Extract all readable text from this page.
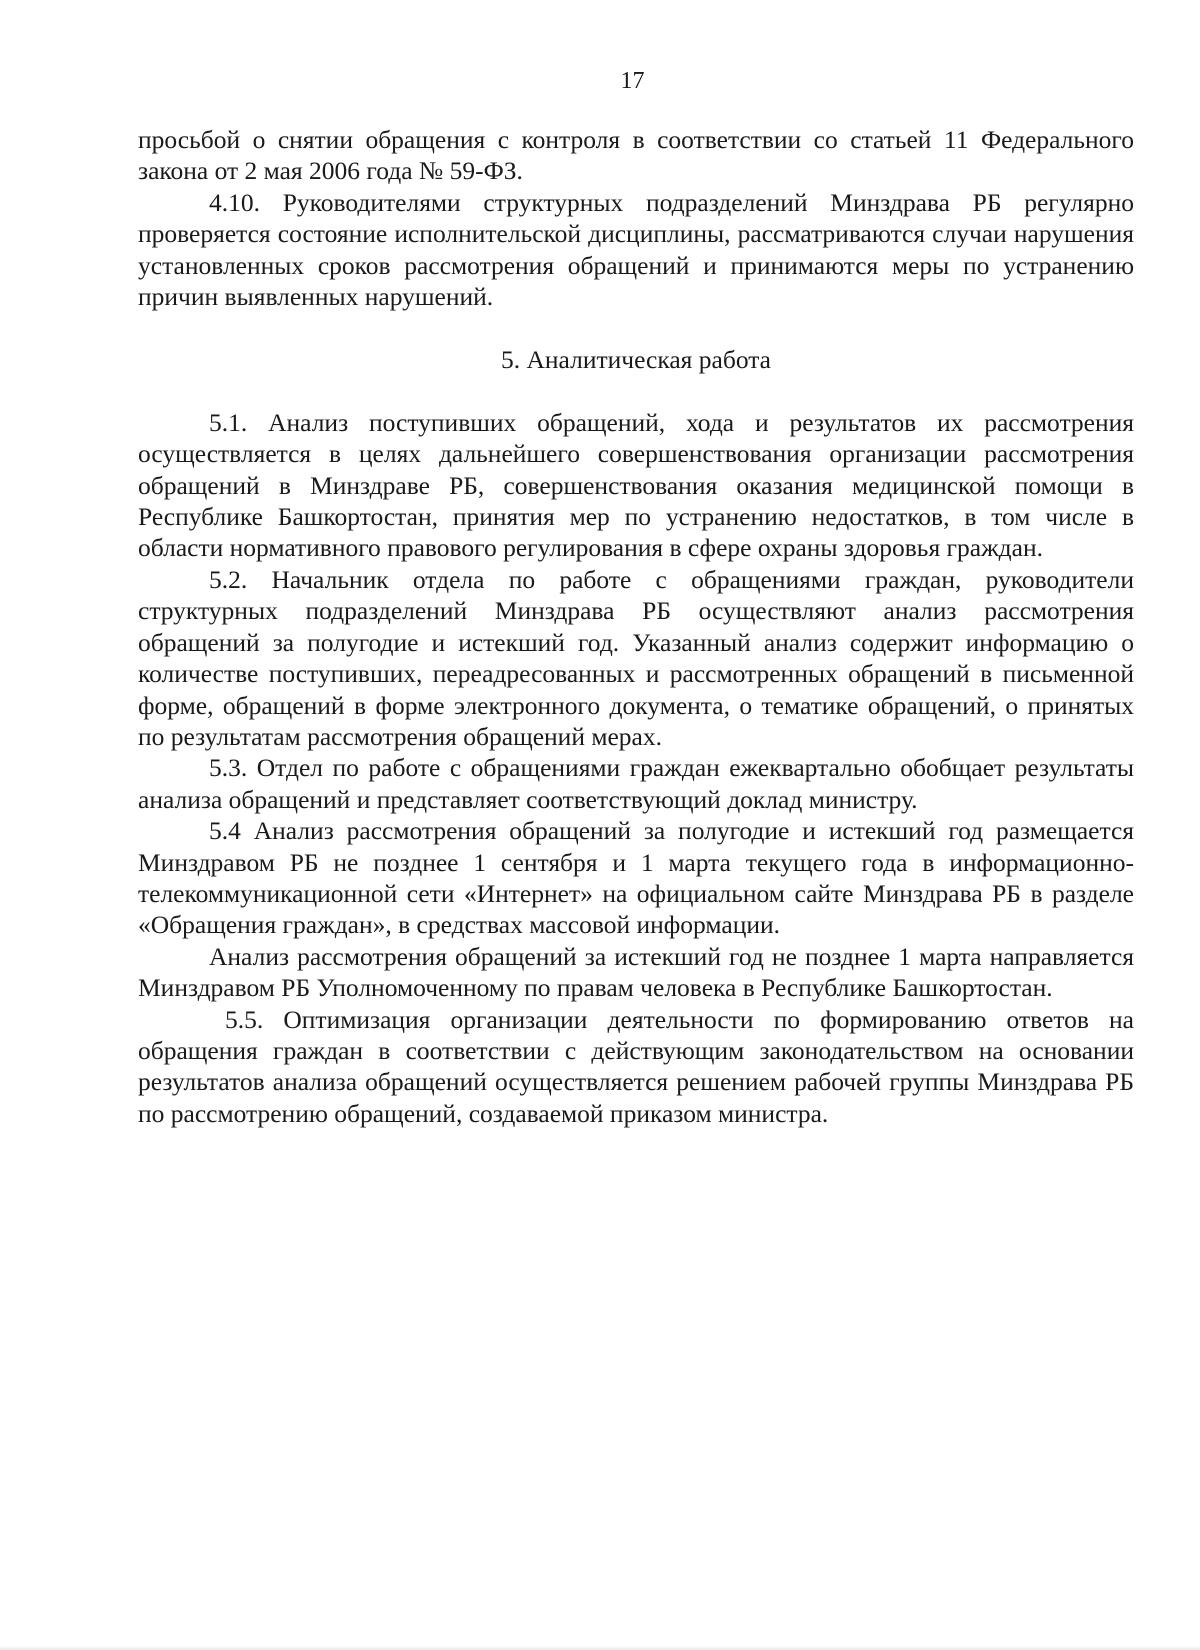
17

просьбой о снятии обращения с контроля в соответствии со статьей 11 Федерального закона от 2 мая 2006 года № 59-ФЗ.

4.10. Руководителями структурных подразделений Минздрава РБ регулярно проверяется состояние исполнительской дисциплины, рассматриваются случаи нарушения установленных сроков рассмотрения обращений и принимаются меры по устранению причин выявленных нарушений.

5. Аналитическая работа

5.1. Анализ поступивших обращений, хода и результатов их рассмотрения осуществляется в целях дальнейшего совершенствования организации рассмотрения обращений в Минздраве РБ, совершенствования оказания медицинской помощи в Республике Башкортостан, принятия мер по устранению недостатков, в том числе в области нормативного правового регулирования в сфере охраны здоровья граждан.

5.2. Начальник отдела по работе с обращениями граждан, руководители структурных подразделений Минздрава РБ осуществляют анализ рассмотрения обращений за полугодие и истекший год. Указанный анализ содержит информацию о количестве поступивших, переадресованных и рассмотренных обращений в письменной форме, обращений в форме электронного документа, о тематике обращений, о принятых по результатам рассмотрения обращений мерах.

5.3. Отдел по работе с обращениями граждан ежеквартально обобщает результаты анализа обращений и представляет соответствующий доклад министру.

5.4 Анализ рассмотрения обращений за полугодие и истекший год размещается Минздравом РБ не позднее 1 сентября и 1 марта текущего года в информационно-телекоммуникационной сети «Интернет» на официальном сайте Минздрава РБ в разделе «Обращения граждан», в средствах массовой информации.

Анализ рассмотрения обращений за истекший год не позднее 1 марта направляется Минздравом РБ Уполномоченному по правам человека в Республике Башкортостан.

5.5. Оптимизация организации деятельности по формированию ответов на обращения граждан в соответствии с действующим законодательством на основании результатов анализа обращений осуществляется решением рабочей группы Минздрава РБ по рассмотрению обращений, создаваемой приказом министра.
